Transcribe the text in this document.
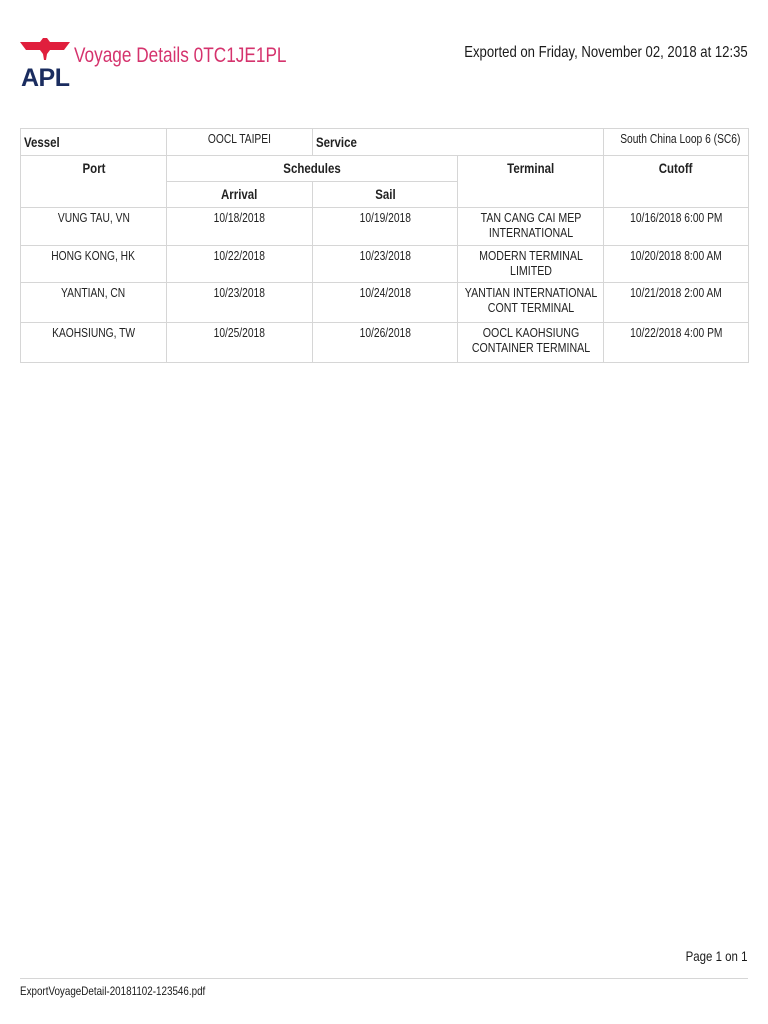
APL
Voyage Details 0TC1JE1PL	Exported on Friday, November 02, 2018 at 12:35
Vessel	OOCL TAIPEI	Service		South China Loop 6 (SC6)
Port	Schedules		Terminal	Cutoff
	Arrival	Sail		
VUNG TAU, VN	10/18/2018	10/19/2018	TAN CANG CAI MEP INTERNATIONAL	10/16/2018 6:00 PM
HONG KONG, HK	10/22/2018	10/23/2018	MODERN TERMINAL LIMITED	10/20/2018 8:00 AM
YANTIAN, CN	10/23/2018	10/24/2018	YANTIAN INTERNATIONAL CONT TERMINAL	10/21/2018 2:00 AM
KAOHSIUNG, TW	10/25/2018	10/26/2018	OOCL KAOHSIUNG CONTAINER TERMINAL	10/22/2018 4:00 PM
Page 1 on 1
ExportVoyageDetail-20181102-123546.pdf
